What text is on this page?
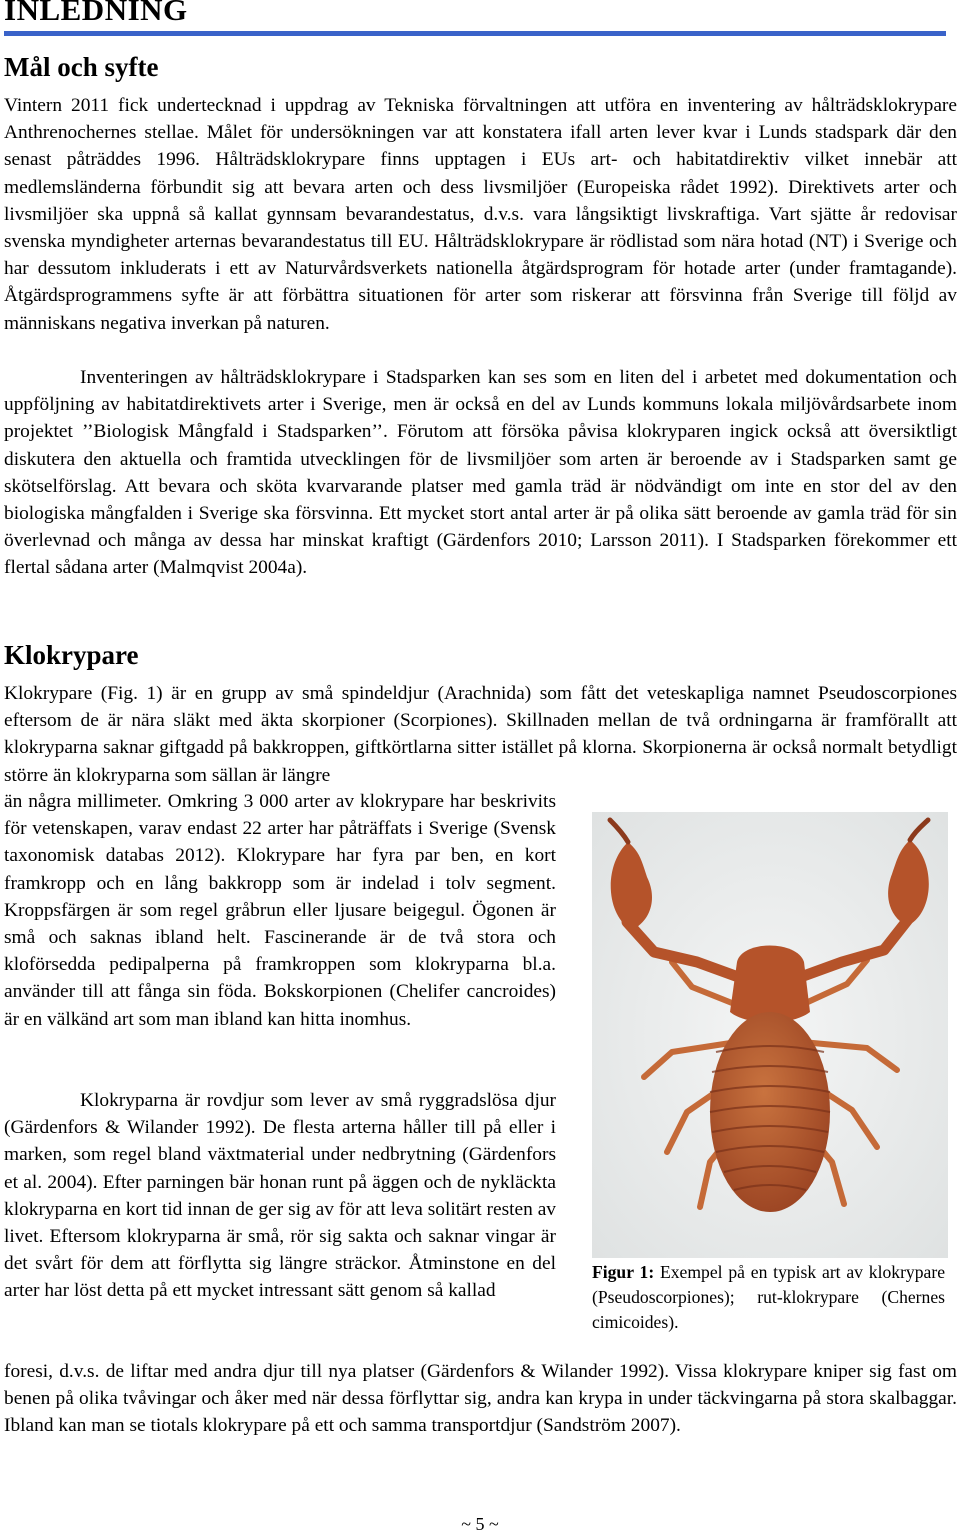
INLEDNING
Mål och syfte

Vintern 2011 fick undertecknad i uppdrag av Tekniska förvaltningen att utföra en inventering av hålträdsklokrypare Anthrenochernes stellae. Målet för undersökningen var att konstatera ifall arten lever kvar i Lunds stadspark där den senast påträddes 1996. Hålträdsklokrypare finns upptagen i EUs art- och habitatdirektiv vilket innebär att medlemsländerna förbundit sig att bevara arten och dess livsmiljöer (Europeiska rådet 1992). Direktivets arter och livsmiljöer ska uppnå så kallat gynnsam bevarandestatus, d.v.s. vara långsiktigt livskraftiga. Vart sjätte år redovisar svenska myndigheter arternas bevarandestatus till EU. Hålträdsklokrypare är rödlistad som nära hotad (NT) i Sverige och har dessutom inkluderats i ett av Naturvårdsverkets nationella åtgärdsprogram för hotade arter (under framtagande). Åtgärdsprogrammens syfte är att förbättra situationen för arter som riskerar att försvinna från Sverige till följd av människans negativa inverkan på naturen.

Inventeringen av hålträdsklokrypare i Stadsparken kan ses som en liten del i arbetet med dokumentation och uppföljning av habitatdirektivets arter i Sverige, men är också en del av Lunds kommuns lokala miljövårdsarbete inom projektet ’’Biologisk Mångfald i Stadsparken’’. Förutom att försöka påvisa klokryparen ingick också att översiktligt diskutera den aktuella och framtida utvecklingen för de livsmiljöer som arten är beroende av i Stadsparken samt ge skötselförslag. Att bevara och sköta kvarvarande platser med gamla träd är nödvändigt om inte en stor del av den biologiska mångfalden i Sverige ska försvinna. Ett mycket stort antal arter är på olika sätt beroende av gamla träd för sin överlevnad och många av dessa har minskat kraftigt (Gärdenfors 2010; Larsson 2011). I Stadsparken förekommer ett flertal sådana arter (Malmqvist 2004a).

Klokrypare

Klokrypare (Fig. 1) är en grupp av små spindeldjur (Arachnida) som fått det veteskapliga namnet Pseudoscorpiones eftersom de är nära släkt med äkta skorpioner (Scorpiones). Skillnaden mellan de två ordningarna är framförallt att klokryparna saknar giftgadd på bakkroppen, giftkörtlarna sitter istället på klorna. Skorpionerna är också normalt betydligt större än klokryparna som sällan är längre

än några millimeter. Omkring 3 000 arter av klokrypare har beskrivits för vetenskapen, varav endast 22 arter har påträffats i Sverige (Svensk taxonomisk databas 2012). Klokrypare har fyra par ben, en kort framkropp och en lång bakkropp som är indelad i tolv segment. Kroppsfärgen är som regel gråbrun eller ljusare beigegul. Ögonen är små och saknas ibland helt. Fascinerande är de två stora och kloförsedda pedipalperna på framkroppen som klokryparna bl.a. använder till att fånga sin föda. Bokskorpionen (Chelifer cancroides) är en välkänd art som man ibland kan hitta inomhus.

Klokryparna är rovdjur som lever av små ryggradslösa djur (Gärdenfors & Wilander 1992). De flesta arterna håller till på eller i marken, som regel bland växtmaterial under nedbrytning (Gärdenfors et al. 2004). Efter parningen bär honan runt på äggen och de nykläckta klokryparna en kort tid innan de ger sig av för att leva solitärt resten av livet. Eftersom klokryparna är små, rör sig sakta och saknar vingar är det svårt för dem att förflytta sig längre sträckor. Åtminstone en del arter har löst detta på ett mycket intressant sätt genom så kallad

foresi, d.v.s. de liftar med andra djur till nya platser (Gärdenfors & Wilander 1992). Vissa klokrypare kniper sig fast om benen på olika tvåvingar och åker med när dessa förflyttar sig, andra kan krypa in under täckvingarna på stora skalbaggar. Ibland kan man se tiotals klokrypare på ett och samma transportdjur (Sandström 2007).

Figur 1: Exempel på en typisk art av klokrypare (Pseudoscorpiones); rut-klokrypare (Chernes cimicoides).

~ 5 ~
